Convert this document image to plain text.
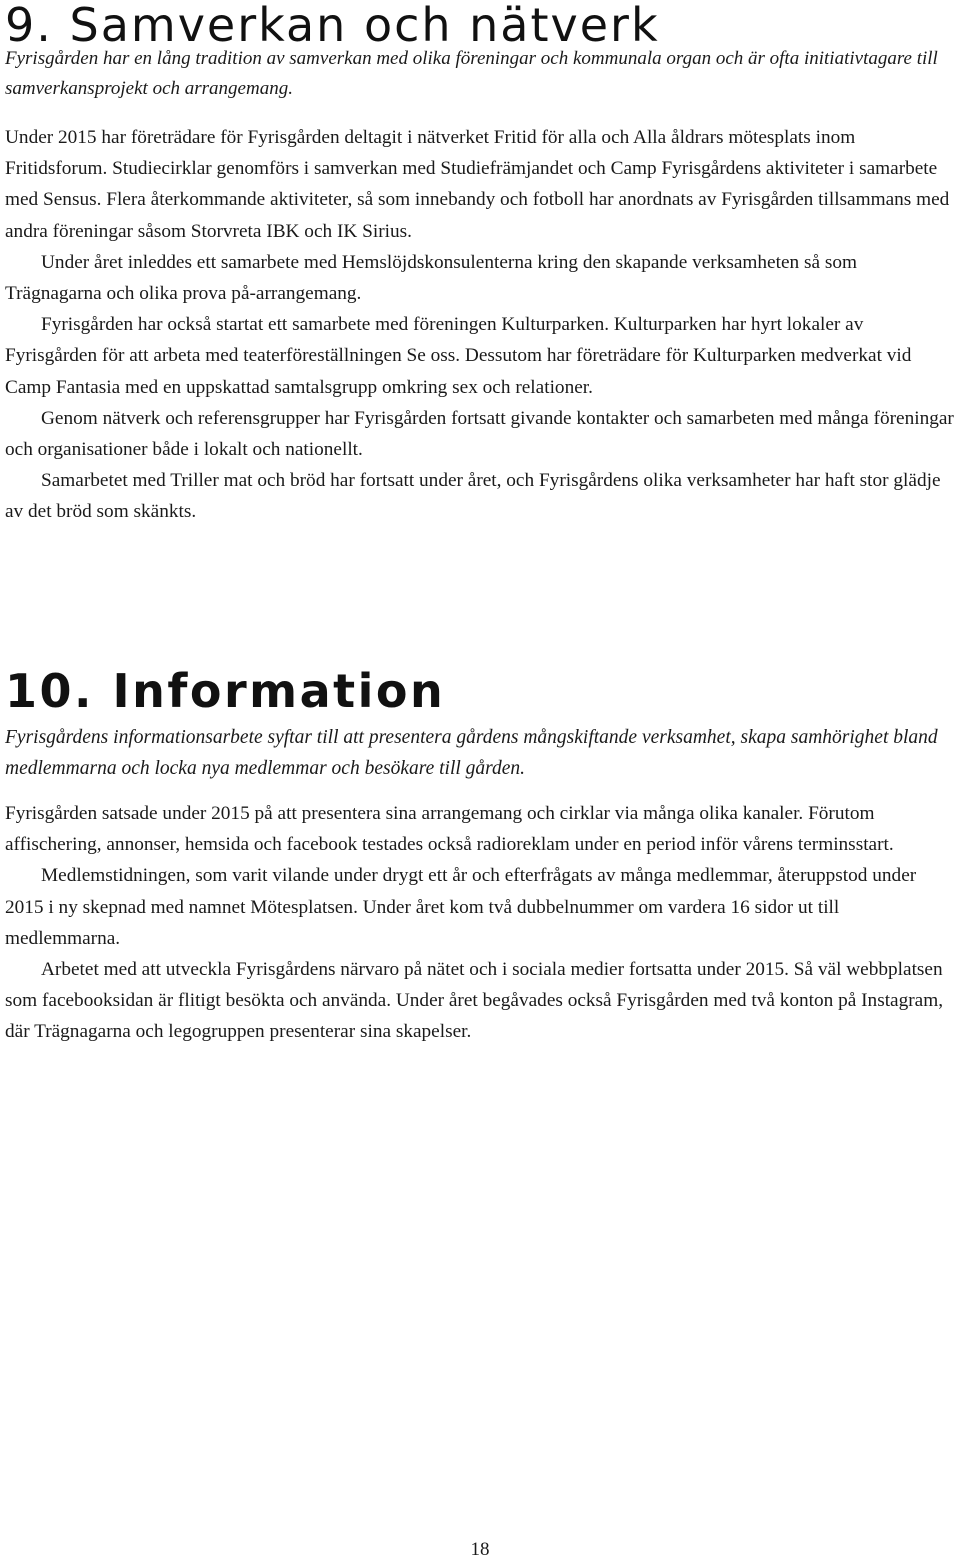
9. Samverkan och nätverk

Fyrisgården har en lång tradition av samverkan med olika föreningar och kommunala organ och är ofta initiativtagare till samverkansprojekt och arrangemang.

Under 2015 har företrädare för Fyrisgården deltagit i nätverket Fritid för alla och Alla åldrars mötesplats inom Fritidsforum. Studiecirklar genomförs i samverkan med Studiefrämjandet och Camp Fyrisgårdens aktiviteter i samarbete med Sensus. Flera återkommande aktiviteter, så som innebandy och fotboll har anordnats av Fyrisgården tillsammans med andra föreningar såsom Storvreta IBK och IK Sirius.

Under året inleddes ett samarbete med Hemslöjdskonsulenterna kring den skapande verksamheten så som Trägnagarna och olika prova på-arrangemang.

Fyrisgården har också startat ett samarbete med föreningen Kulturparken. Kulturparken har hyrt lokaler av Fyrisgården för att arbeta med teaterföreställningen Se oss. Dessutom har företrädare för Kulturparken medverkat vid Camp Fantasia med en uppskattad samtalsgrupp omkring sex och relationer.

Genom nätverk och referensgrupper har Fyrisgården fortsatt givande kontakter och samarbeten med många föreningar och organisationer både i lokalt och nationellt.

Samarbetet med Triller mat och bröd har fortsatt under året, och Fyrisgårdens olika verksamheter har haft stor glädje av det bröd som skänkts.

10. Information

Fyrisgårdens informationsarbete syftar till att presentera gårdens mångskiftande verksamhet, skapa samhörighet bland medlemmarna och locka nya medlemmar och besökare till gården.

Fyrisgården satsade under 2015 på att presentera sina arrangemang och cirklar via många olika kanaler. Förutom affischering, annonser, hemsida och facebook testades också radioreklam under en period inför vårens terminsstart.

Medlemstidningen, som varit vilande under drygt ett år och efterfrågats av många medlemmar, återuppstod under 2015 i ny skepnad med namnet Mötesplatsen. Under året kom två dubbelnummer om vardera 16 sidor ut till medlemmarna.

Arbetet med att utveckla Fyrisgårdens närvaro på nätet och i sociala medier fortsatta under 2015. Så väl webbplatsen som facebooksidan är flitigt besökta och använda. Under året begåvades också Fyrisgården med två konton på Instagram, där Trägnagarna och legogruppen presenterar sina skapelser.

18
